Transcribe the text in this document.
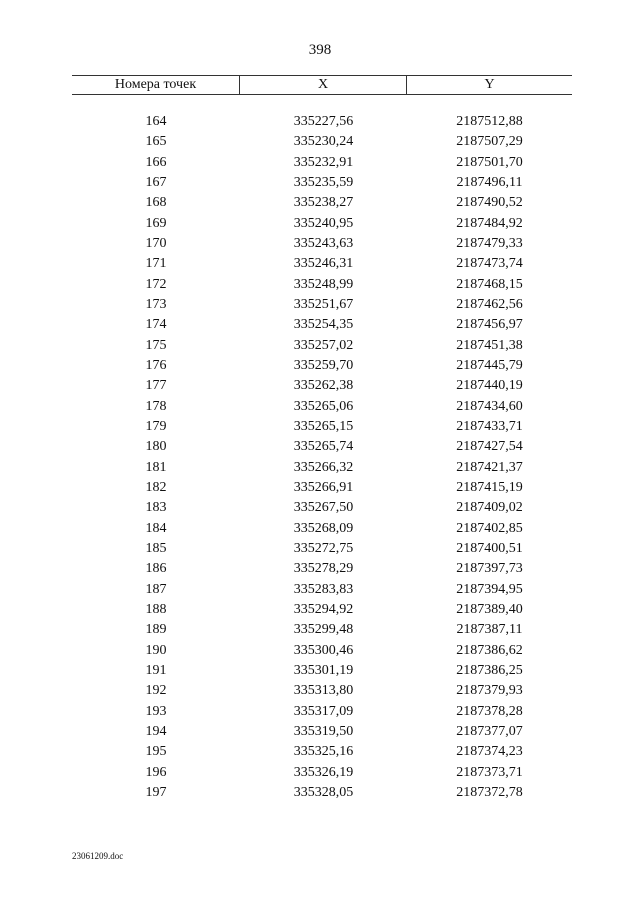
398
Номера точек	X	Y
164	335227,56	2187512,88
165	335230,24	2187507,29
166	335232,91	2187501,70
167	335235,59	2187496,11
168	335238,27	2187490,52
169	335240,95	2187484,92
170	335243,63	2187479,33
171	335246,31	2187473,74
172	335248,99	2187468,15
173	335251,67	2187462,56
174	335254,35	2187456,97
175	335257,02	2187451,38
176	335259,70	2187445,79
177	335262,38	2187440,19
178	335265,06	2187434,60
179	335265,15	2187433,71
180	335265,74	2187427,54
181	335266,32	2187421,37
182	335266,91	2187415,19
183	335267,50	2187409,02
184	335268,09	2187402,85
185	335272,75	2187400,51
186	335278,29	2187397,73
187	335283,83	2187394,95
188	335294,92	2187389,40
189	335299,48	2187387,11
190	335300,46	2187386,62
191	335301,19	2187386,25
192	335313,80	2187379,93
193	335317,09	2187378,28
194	335319,50	2187377,07
195	335325,16	2187374,23
196	335326,19	2187373,71
197	335328,05	2187372,78
23061209.doc
